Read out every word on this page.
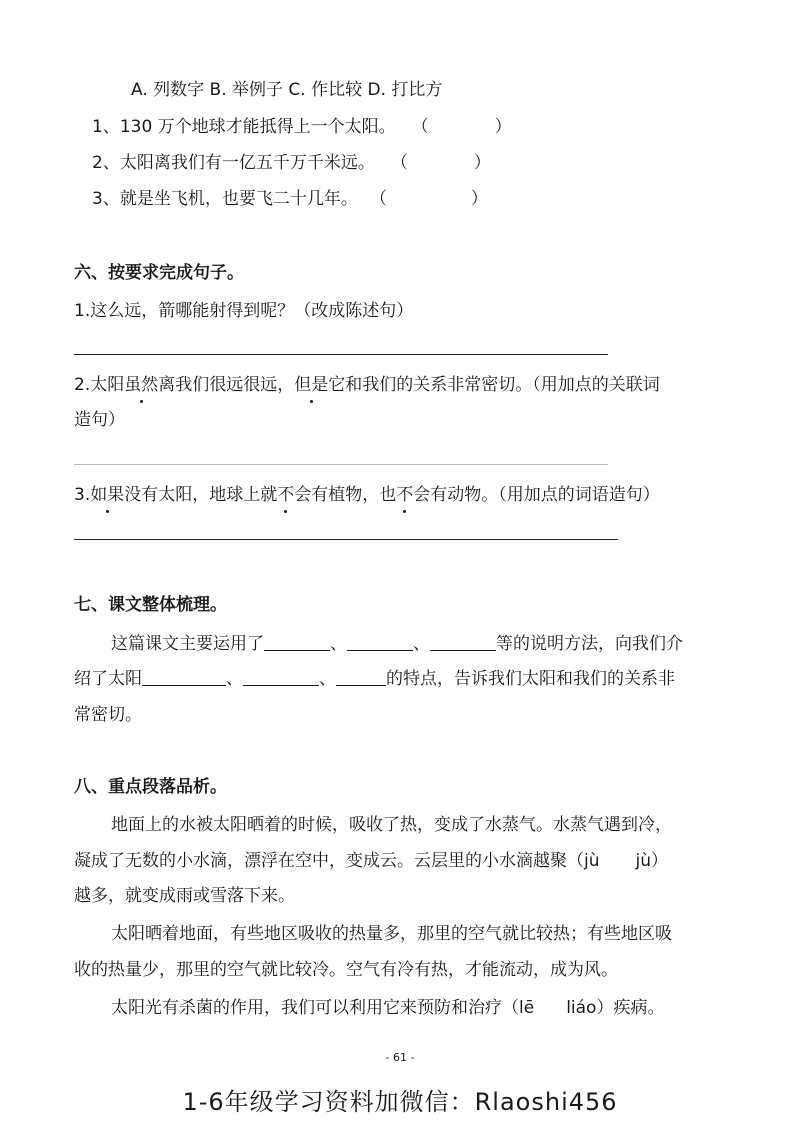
A. 列数字 B. 举例子 C. 作比较 D. 打比方
1、130 万个地球才能抵得上一个太阳。 （	）
2、太阳离我们有一亿五千万千米远。 （	）
3、就是坐飞机，也要飞二十几年。 （	）
六、按要求完成句子。
1.这么远，箭哪能射得到呢？（改成陈述句）
2.太阳虽然离我们很远很远，但是它和我们的关系非常密切。（用加点的关联词
造句）
3.如果没有太阳，地球上就不会有植物，也不会有动物。（用加点的词语造句）
七、课文整体梳理。
这篇课文主要运用了	、	、	等的说明方法，向我们介
绍了太阳	、	、	的特点，告诉我们太阳和我们的关系非
常密切。
八、重点段落品析。
地面上的水被太阳晒着的时候，吸收了热，变成了水蒸气。水蒸气遇到冷，
凝成了无数的小水滴，漂浮在空中，变成云。云层里的小水滴越聚（jù jù）
越多，就变成雨或雪落下来。
太阳晒着地面，有些地区吸收的热量多，那里的空气就比较热；有些地区吸
收的热量少，那里的空气就比较冷。空气有冷有热，才能流动，成为风。
太阳光有杀菌的作用，我们可以利用它来预防和治疗（lē liáo）疾病。
- 61 -
1-6年级学习资料加微信：Rlaoshi456
